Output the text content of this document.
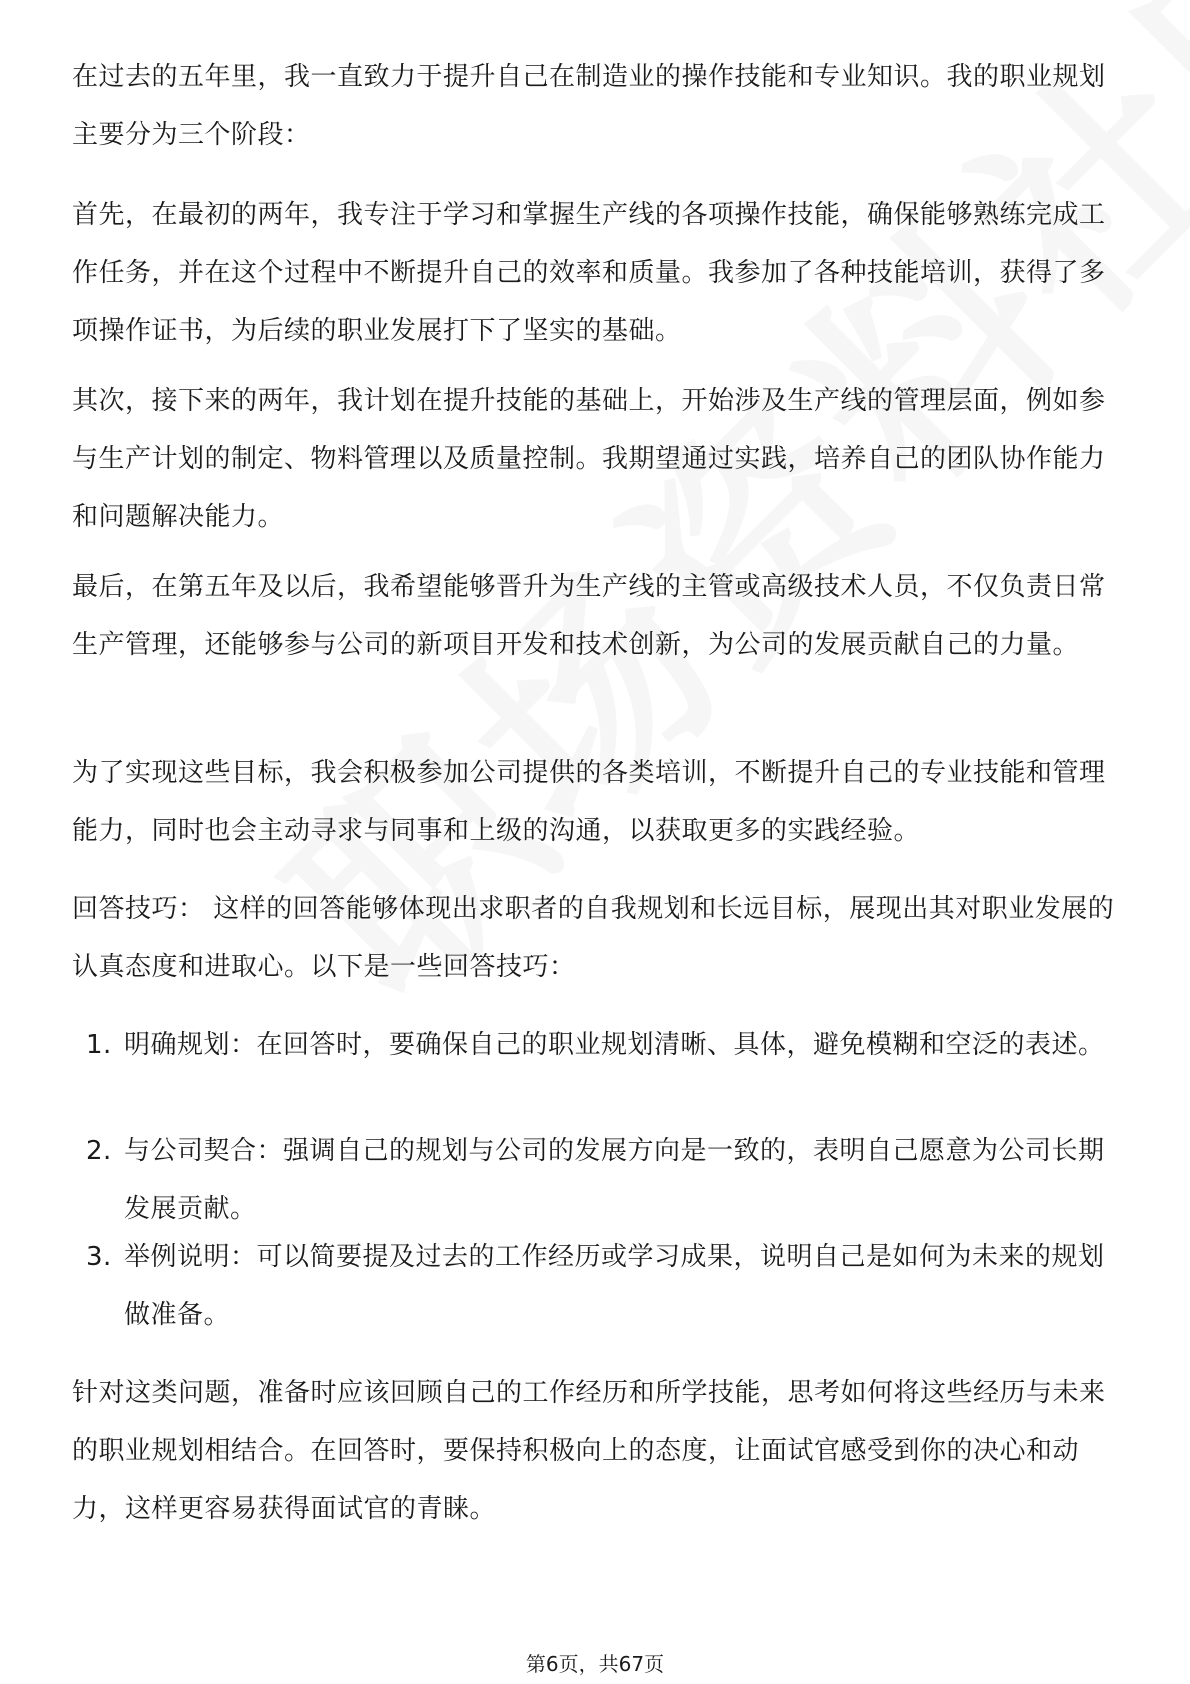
在过去的五年里，我一直致力于提升自己在制造业的操作技能和专业知识。我的职业规划主要分为三个阶段：

首先，在最初的两年，我专注于学习和掌握生产线的各项操作技能，确保能够熟练完成工作任务，并在这个过程中不断提升自己的效率和质量。我参加了各种技能培训，获得了多项操作证书，为后续的职业发展打下了坚实的基础。

其次，接下来的两年，我计划在提升技能的基础上，开始涉及生产线的管理层面，例如参与生产计划的制定、物料管理以及质量控制。我期望通过实践，培养自己的团队协作能力和问题解决能力。

最后，在第五年及以后，我希望能够晋升为生产线的主管或高级技术人员，不仅负责日常生产管理，还能够参与公司的新项目开发和技术创新，为公司的发展贡献自己的力量。

为了实现这些目标，我会积极参加公司提供的各类培训，不断提升自己的专业技能和管理能力，同时也会主动寻求与同事和上级的沟通，以获取更多的实践经验。

回答技巧： 这样的回答能够体现出求职者的自我规划和长远目标，展现出其对职业发展的认真态度和进取心。以下是一些回答技巧：

1. 明确规划：在回答时，要确保自己的职业规划清晰、具体，避免模糊和空泛的表述。
2. 与公司契合：强调自己的规划与公司的发展方向是一致的，表明自己愿意为公司长期发展贡献。
3. 举例说明：可以简要提及过去的工作经历或学习成果，说明自己是如何为未来的规划做准备。

针对这类问题，准备时应该回顾自己的工作经历和所学技能，思考如何将这些经历与未来的职业规划相结合。在回答时，要保持积极向上的态度，让面试官感受到你的决心和动力，这样更容易获得面试官的青睐。

第6页，共67页
